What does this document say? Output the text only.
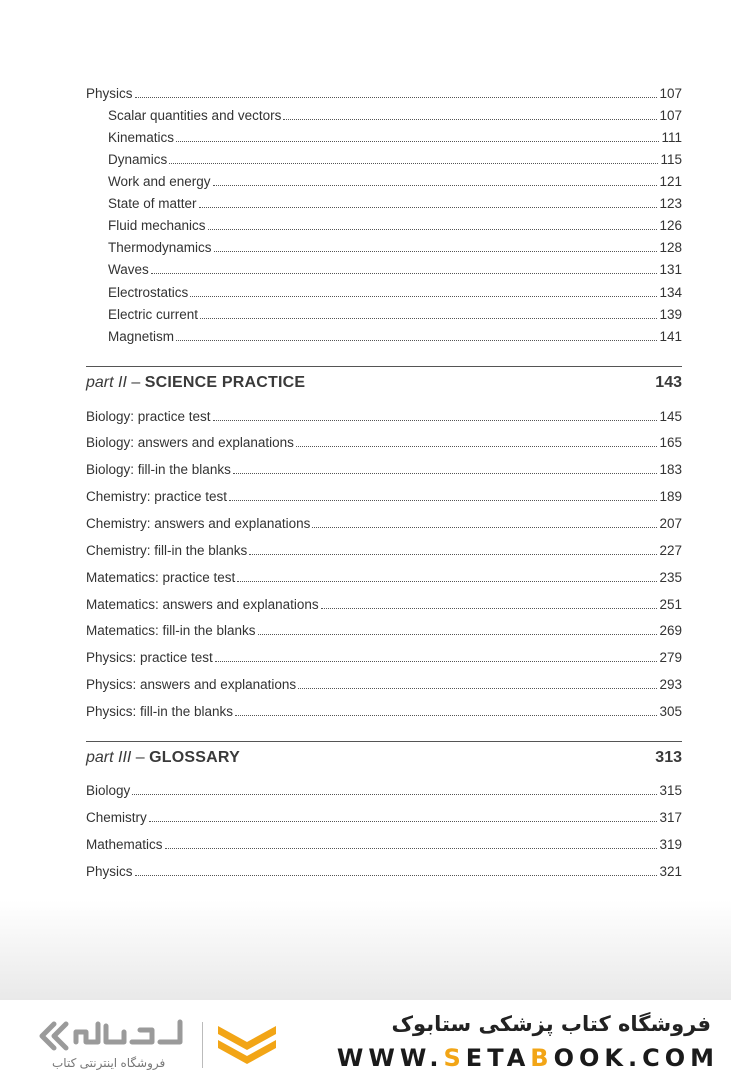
Physics	107
Scalar quantities and vectors	107
Kinematics	111
Dynamics	115
Work and energy	121
State of matter	123
Fluid mechanics	126
Thermodynamics	128
Waves	131
Electrostatics	134
Electric current	139
Magnetism	141
part II – SCIENCE PRACTICE	143
Biology: practice test	145
Biology: answers and explanations	165
Biology: fill-in the blanks	183
Chemistry: practice test	189
Chemistry: answers and explanations	207
Chemistry: fill-in the blanks	227
Matematics: practice test	235
Matematics: answers and explanations	251
Matematics: fill-in the blanks	269
Physics: practice test	279
Physics: answers and explanations	293
Physics: fill-in the blanks	305
part III – GLOSSARY	313
Biology	315
Chemistry	317
Mathematics	319
Physics	321
فروشگاه اینترنتی کتاب
فروشگاه کتاب پزشکی ستابوک
WWW.SETABOOK.COM
